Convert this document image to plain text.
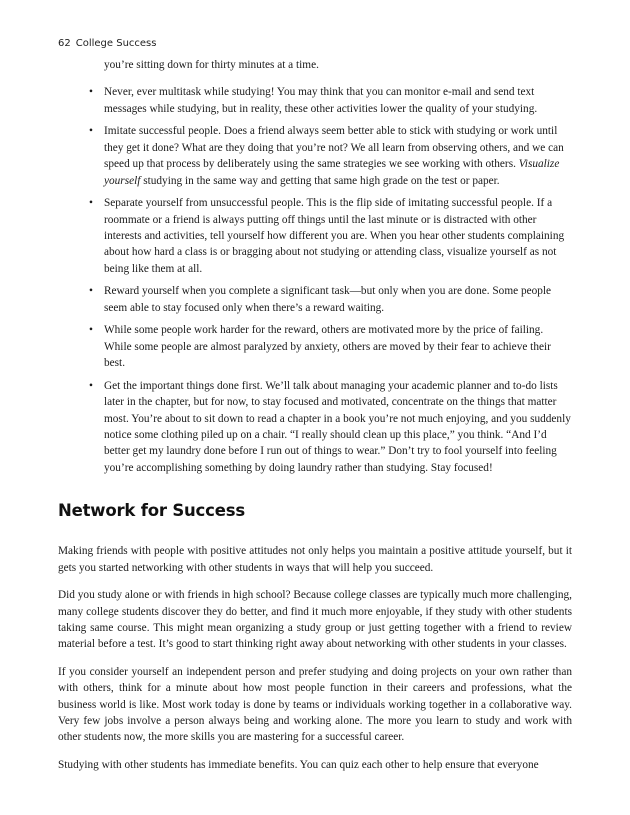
62 College Success
you’re sitting down for thirty minutes at a time.
• Never, ever multitask while studying! You may think that you can monitor e-mail and send text messages while studying, but in reality, these other activities lower the quality of your studying.
• Imitate successful people. Does a friend always seem better able to stick with studying or work until they get it done? What are they doing that you’re not? We all learn from observing others, and we can speed up that process by deliberately using the same strategies we see working with others. Visualize yourself studying in the same way and getting that same high grade on the test or paper.
• Separate yourself from unsuccessful people. This is the flip side of imitating successful people. If a roommate or a friend is always putting off things until the last minute or is distracted with other interests and activities, tell yourself how different you are. When you hear other students complaining about how hard a class is or bragging about not studying or attending class, visualize yourself as not being like them at all.
• Reward yourself when you complete a significant task—but only when you are done. Some people seem able to stay focused only when there’s a reward waiting.
• While some people work harder for the reward, others are motivated more by the price of failing. While some people are almost paralyzed by anxiety, others are moved by their fear to achieve their best.
• Get the important things done first. We’ll talk about managing your academic planner and to-do lists later in the chapter, but for now, to stay focused and motivated, concentrate on the things that matter most. You’re about to sit down to read a chapter in a book you’re not much enjoying, and you suddenly notice some clothing piled up on a chair. “I really should clean up this place,” you think. “And I’d better get my laundry done before I run out of things to wear.” Don’t try to fool yourself into feeling you’re accomplishing something by doing laundry rather than studying. Stay focused!
Network for Success

Making friends with people with positive attitudes not only helps you maintain a positive attitude yourself, but it gets you started networking with other students in ways that will help you succeed.

Did you study alone or with friends in high school? Because college classes are typically much more challenging, many college students discover they do better, and find it much more enjoyable, if they study with other students taking same course. This might mean organizing a study group or just getting together with a friend to review material before a test. It’s good to start thinking right away about networking with other students in your classes.

If you consider yourself an independent person and prefer studying and doing projects on your own rather than with others, think for a minute about how most people function in their careers and professions, what the business world is like. Most work today is done by teams or individuals working together in a collaborative way. Very few jobs involve a person always being and working alone. The more you learn to study and work with other students now, the more skills you are mastering for a successful career.

Studying with other students has immediate benefits. You can quiz each other to help ensure that everyone
